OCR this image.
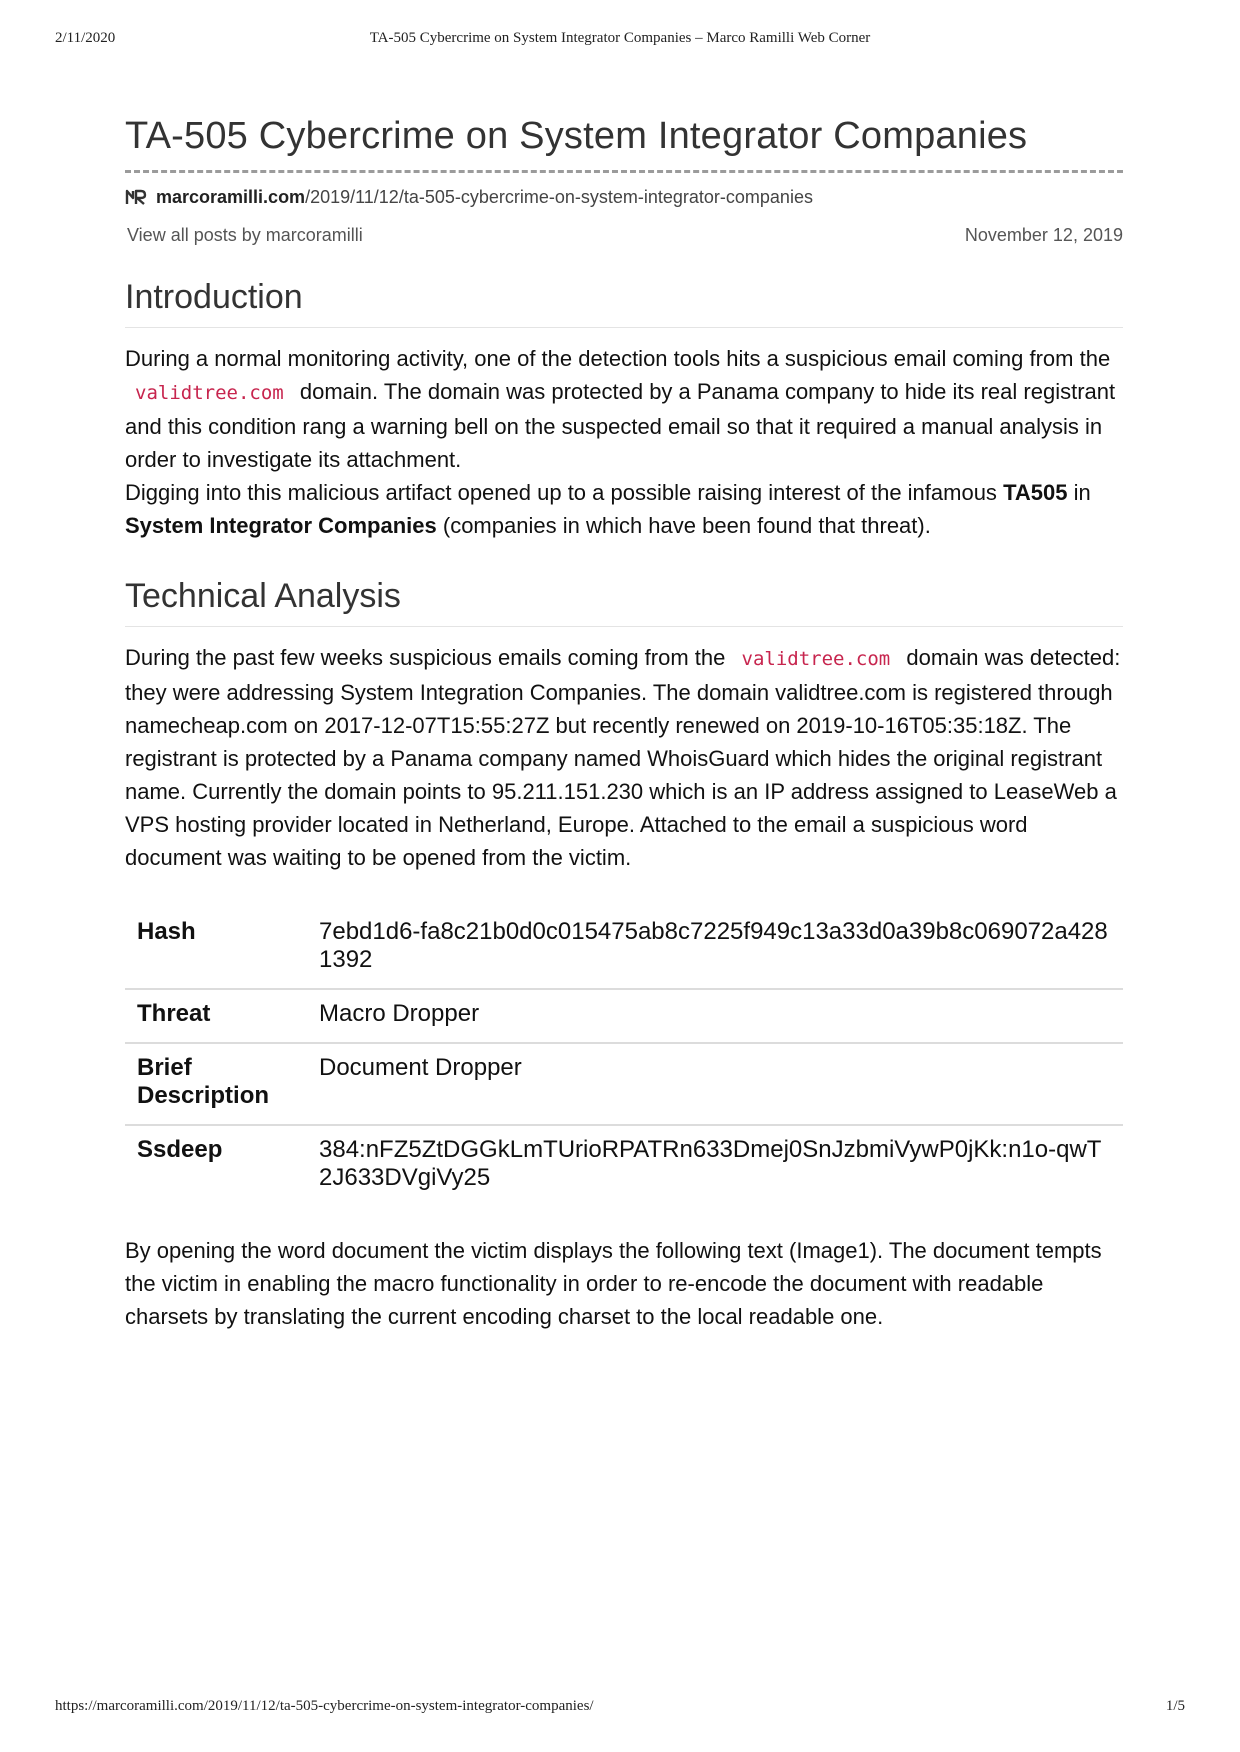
2/11/2020	TA-505 Cybercrime on System Integrator Companies – Marco Ramilli Web Corner
TA-505 Cybercrime on System Integrator Companies
marcoramilli.com /2019/11/12/ta-505-cybercrime-on-system-integrator-companies
View all posts by marcoramilli	November 12, 2019
Introduction

During a normal monitoring activity, one of the detection tools hits a suspicious email coming from the validtree.com domain. The domain was protected by a Panama company to hide its real registrant and this condition rang a warning bell on the suspected email so that it required a manual analysis in order to investigate its attachment.

Digging into this malicious artifact opened up to a possible raising interest of the infamous TA505 in System Integrator Companies (companies in which have been found that threat).

Technical Analysis

During the past few weeks suspicious emails coming from the validtree.com domain was detected: they were addressing System Integration Companies. The domain validtree.com is registered through namecheap.com on 2017-12-07T15:55:27Z but recently renewed on 2019-10-16T05:35:18Z. The registrant is protected by a Panama company named WhoisGuard which hides the original registrant name. Currently the domain points to 95.211.151.230 which is an IP address assigned to LeaseWeb a VPS hosting provider located in Netherland, Europe. Attached to the email a suspicious word document was waiting to be opened from the victim.

Hash	7ebd1d6-fa8c21b0d0c015475ab8c7225f949c13a33d0a39b8c069072a4281392
Threat	Macro Dropper
Brief Description	Document Dropper
Ssdeep	384:nFZ5ZtDGGkLmTUrioRPATRn633Dmej0SnJzbmiVywP0jKk:n1o-qwT2J633DVgiVy25

By opening the word document the victim displays the following text (Image1). The document tempts the victim in enabling the macro functionality in order to re-encode the document with readable charsets by translating the current encoding charset to the local readable one.

https://marcoramilli.com/2019/11/12/ta-505-cybercrime-on-system-integrator-companies/	1/5
